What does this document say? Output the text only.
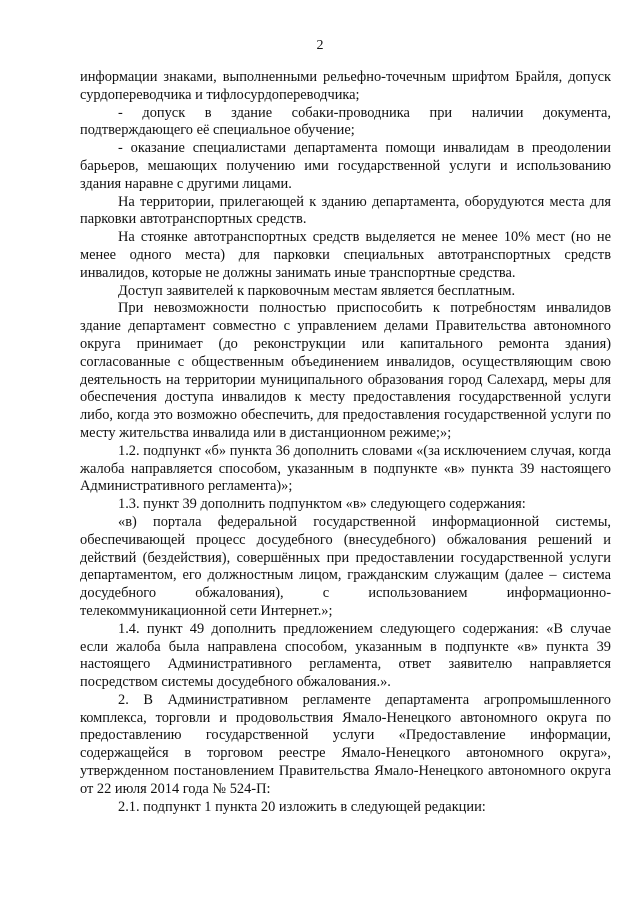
2

информации знаками, выполненными рельефно-точечным шрифтом Брайля, допуск сурдопереводчика и тифлосурдопереводчика;

- допуск в здание собаки-проводника при наличии документа, подтверждающего её специальное обучение;

- оказание специалистами департамента помощи инвалидам в преодолении барьеров, мешающих получению ими государственной услуги и использованию здания наравне с другими лицами.

На территории, прилегающей к зданию департамента, оборудуются места для парковки автотранспортных средств.

На стоянке автотранспортных средств выделяется не менее 10% мест (но не менее одного места) для парковки специальных автотранспортных средств инвалидов, которые не должны занимать иные транспортные средства.

Доступ заявителей к парковочным местам является бесплатным.

При невозможности полностью приспособить к потребностям инвалидов здание департамент совместно с управлением делами Правительства автономного округа принимает (до реконструкции или капитального ремонта здания) согласованные с общественным объединением инвалидов, осуществляющим свою деятельность на территории муниципального образования город Салехард, меры для обеспечения доступа инвалидов к месту предоставления государственной услуги либо, когда это возможно обеспечить, для предоставления государственной услуги по месту жительства инвалида или в дистанционном режиме;»;

1.2. подпункт «б» пункта 36 дополнить словами «(за исключением случая, когда жалоба направляется способом, указанным в подпункте «в» пункта 39 настоящего Административного регламента)»;

1.3. пункт 39 дополнить подпунктом «в» следующего содержания:

«в) портала федеральной государственной информационной системы, обеспечивающей процесс досудебного (внесудебного) обжалования решений и действий (бездействия), совершённых при предоставлении государственной услуги департаментом, его должностным лицом, гражданским служащим (далее – система досудебного обжалования), с использованием информационно-телекоммуникационной сети Интернет.»;

1.4. пункт 49 дополнить предложением следующего содержания: «В случае если жалоба была направлена способом, указанным в подпункте «в» пункта 39 настоящего Административного регламента, ответ заявителю направляется посредством системы досудебного обжалования.».

2. В Административном регламенте департамента агропромышленного комплекса, торговли и продовольствия Ямало-Ненецкого автономного округа по предоставлению государственной услуги «Предоставление информации, содержащейся в торговом реестре Ямало-Ненецкого автономного округа», утвержденном постановлением Правительства Ямало-Ненецкого автономного округа от 22 июля 2014 года № 524-П:

2.1. подпункт 1 пункта 20 изложить в следующей редакции:
